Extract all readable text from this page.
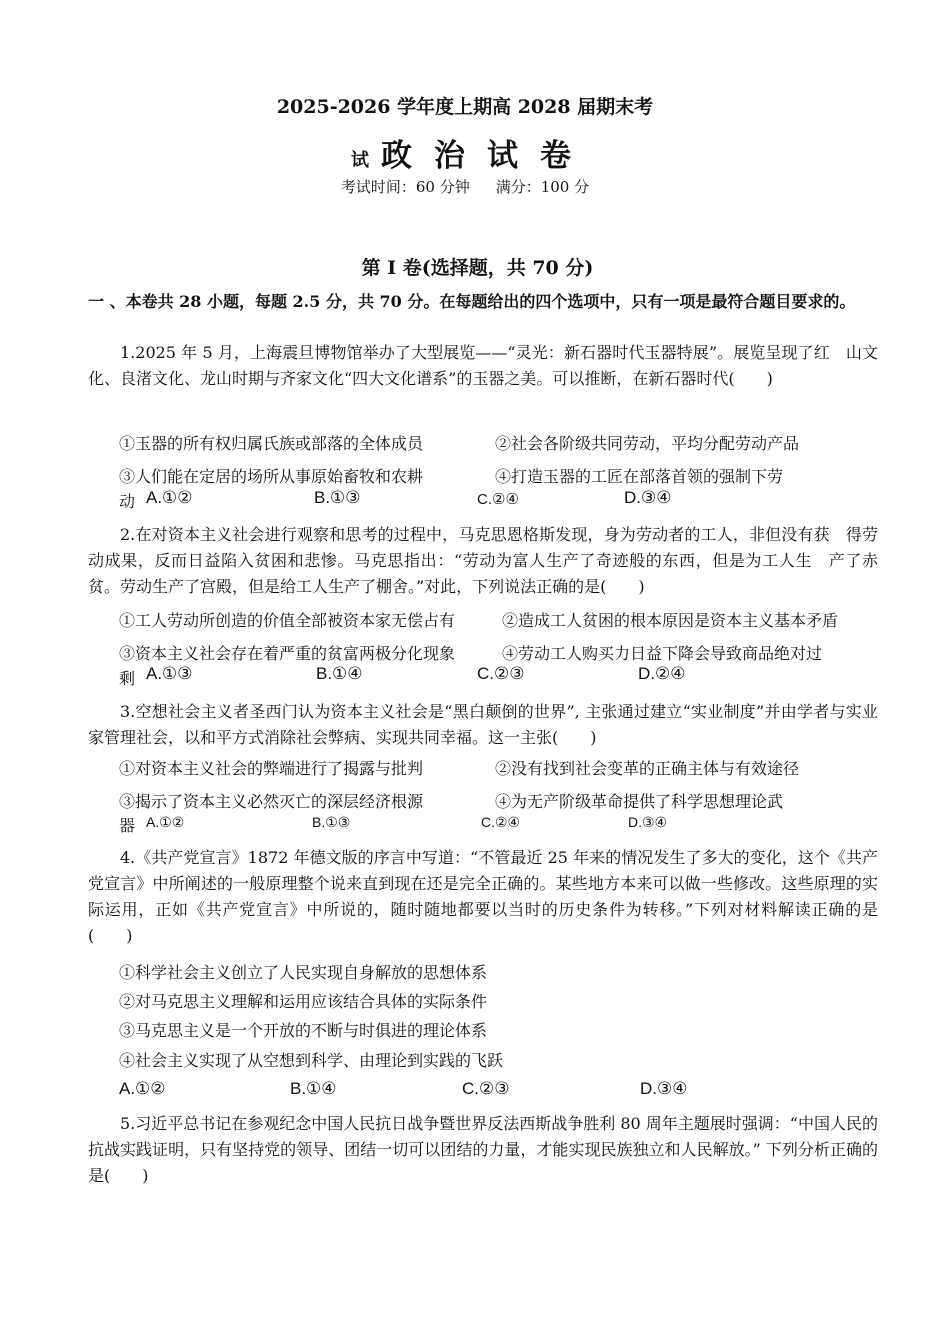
2025-2026 学年度上期高 2028 届期末考
试 政治试卷
考试时间：60 分钟 满分：100 分
第 I 卷(选择题，共 70 分)
一 、本卷共 28 小题，每题 2.5 分，共 70 分。在每题给出的四个选项中，只有一项是最符合题目要求的。
1.2025 年 5 月，上海震旦博物馆举办了大型展览——“灵光：新石器时代玉器特展”。展览呈现了红　山文化、良渚文化、龙山时期与齐家文化“四大文化谱系”的玉器之美。可以推断，在新石器时代(　　)
①玉器的所有权归属氏族或部落的全体成员	②社会各阶级共同劳动，平均分配劳动产品
③人们能在定居的场所从事原始畜牧和农耕	④打造玉器的工匠在部落首领的强制下劳
动 A.①②	B.①③	C.②④	D.③④
2.在对资本主义社会进行观察和思考的过程中，马克思恩格斯发现，身为劳动者的工人，非但没有获　得劳动成果，反而日益陷入贫困和悲惨。马克思指出：“劳动为富人生产了奇迹般的东西，但是为工人生　产了赤贫。劳动生产了宫殿，但是给工人生产了棚舍。”对此，下列说法正确的是(　　)
①工人劳动所创造的价值全部被资本家无偿占有	②造成工人贫困的根本原因是资本主义基本矛盾
③资本主义社会存在着严重的贫富两极分化现象	④劳动工人购买力日益下降会导致商品绝对过
剩 A.①③	B.①④	C.②③	D.②④
3.空想社会主义者圣西门认为资本主义社会是“黑白颠倒的世界”, 主张通过建立“实业制度”并由学者与实业家管理社会，以和平方式消除社会弊病、实现共同幸福。这一主张(　　)
①对资本主义社会的弊端进行了揭露与批判	②没有找到社会变革的正确主体与有效途径
③揭示了资本主义必然灭亡的深层经济根源	④为无产阶级革命提供了科学思想理论武
器 A.①②	B.①③	C.②④	D.③④
4.《共产党宣言》1872 年德文版的序言中写道：“不管最近 25 年来的情况发生了多大的变化，这个《共产党宣言》中所阐述的一般原理整个说来直到现在还是完全正确的。某些地方本来可以做一些修改。这些原理的实际运用，正如《共产党宣言》中所说的，随时随地都要以当时的历史条件为转移。”下列对材料解读正确的是(　　)
①科学社会主义创立了人民实现自身解放的思想体系
②对马克思主义理解和运用应该结合具体的实际条件
③马克思主义是一个开放的不断与时俱进的理论体系
④社会主义实现了从空想到科学、由理论到实践的飞跃
A.①②	B.①④	C.②③	D.③④
5.习近平总书记在参观纪念中国人民抗日战争暨世界反法西斯战争胜利 80 周年主题展时强调：“中国人民的抗战实践证明，只有坚持党的领导、团结一切可以团结的力量，才能实现民族独立和人民解放。” 下列分析正确的是(　　)
